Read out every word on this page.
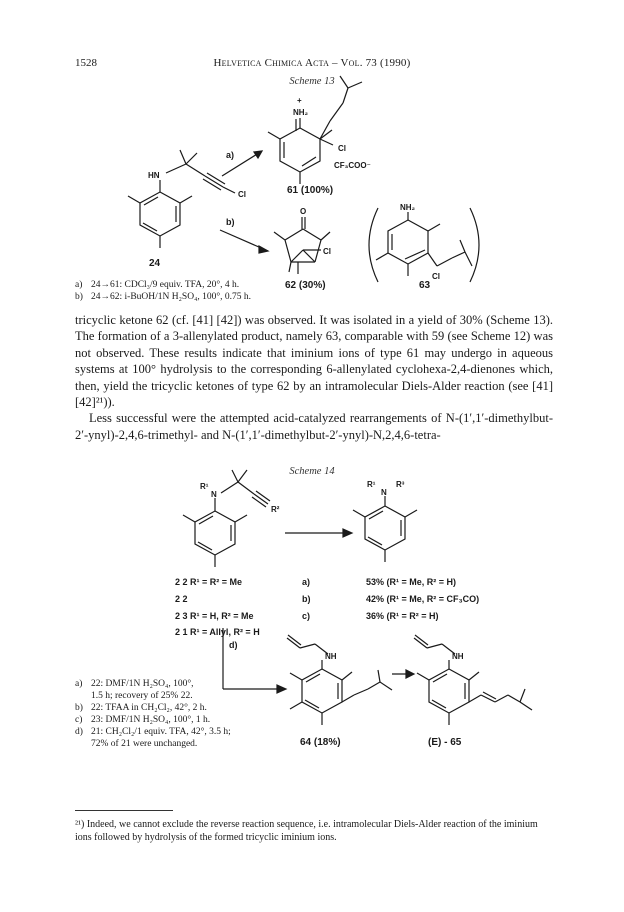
1528	Helvetica Chimica Acta – Vol. 73 (1990)
Scheme 13
HN
Cl
24
a)
+
NH₂
Cl
CF₃COO⁻
61 (100%)
b)
O
Cl
62 (30%)
NH₂
Cl
63
a) 24→61: CDCl₃/9 equiv. TFA, 20°, 4 h.
b) 24→62: i-BuOH/1N H₂SO₄, 100°, 0.75 h.

tricyclic ketone 62 (cf. [41] [42]) was observed. It was isolated in a yield of 30% (Scheme 13). The formation of a 3-allenylated product, namely 63, comparable with 59 (see Scheme 12) was not observed. These results indicate that iminium ions of type 61 may undergo in aqueous systems at 100° hydrolysis to the corresponding 6-allenylated cyclohexa-2,4-dienones which, then, yield the tricyclic ketones of type 62 by an intramolecular Diels-Alder reaction (see [41] [42]²¹)).

Less successful were the attempted acid-catalyzed rearrangements of N-(1′,1′-dimethylbut-2′-ynyl)-2,4,6-trimethyl- and N-(1′,1′-dimethylbut-2′-ynyl)-N,2,4,6-tetra-

Scheme 14
R¹
N
R²
R¹	R³
N
d)
NH
64 (18%)
NH
(E) - 65
2 2 R¹ = R² = Me	a)	53% (R¹ = Me, R² = H)
2 2	b)	42% (R¹ = Me, R² = CF₃CO)
2 3 R¹ = H, R² = Me	c)	36% (R¹ = R² = H)
2 1 R¹ = Allyl, R² = H
a) 22: DMF/1N H₂SO₄, 100°,
1.5 h; recovery of 25% 22.
b) 22: TFAA in CH₂Cl₂, 42°, 2 h.
c) 23: DMF/1N H₂SO₄, 100°, 1 h.
d) 21: CH₂Cl₂/1 equiv. TFA, 42°, 3.5 h;
72% of 21 were unchanged.
²¹) Indeed, we cannot exclude the reverse reaction sequence, i.e. intramolecular Diels-Alder reaction of the iminium ions followed by hydrolysis of the formed tricyclic iminium ions.
